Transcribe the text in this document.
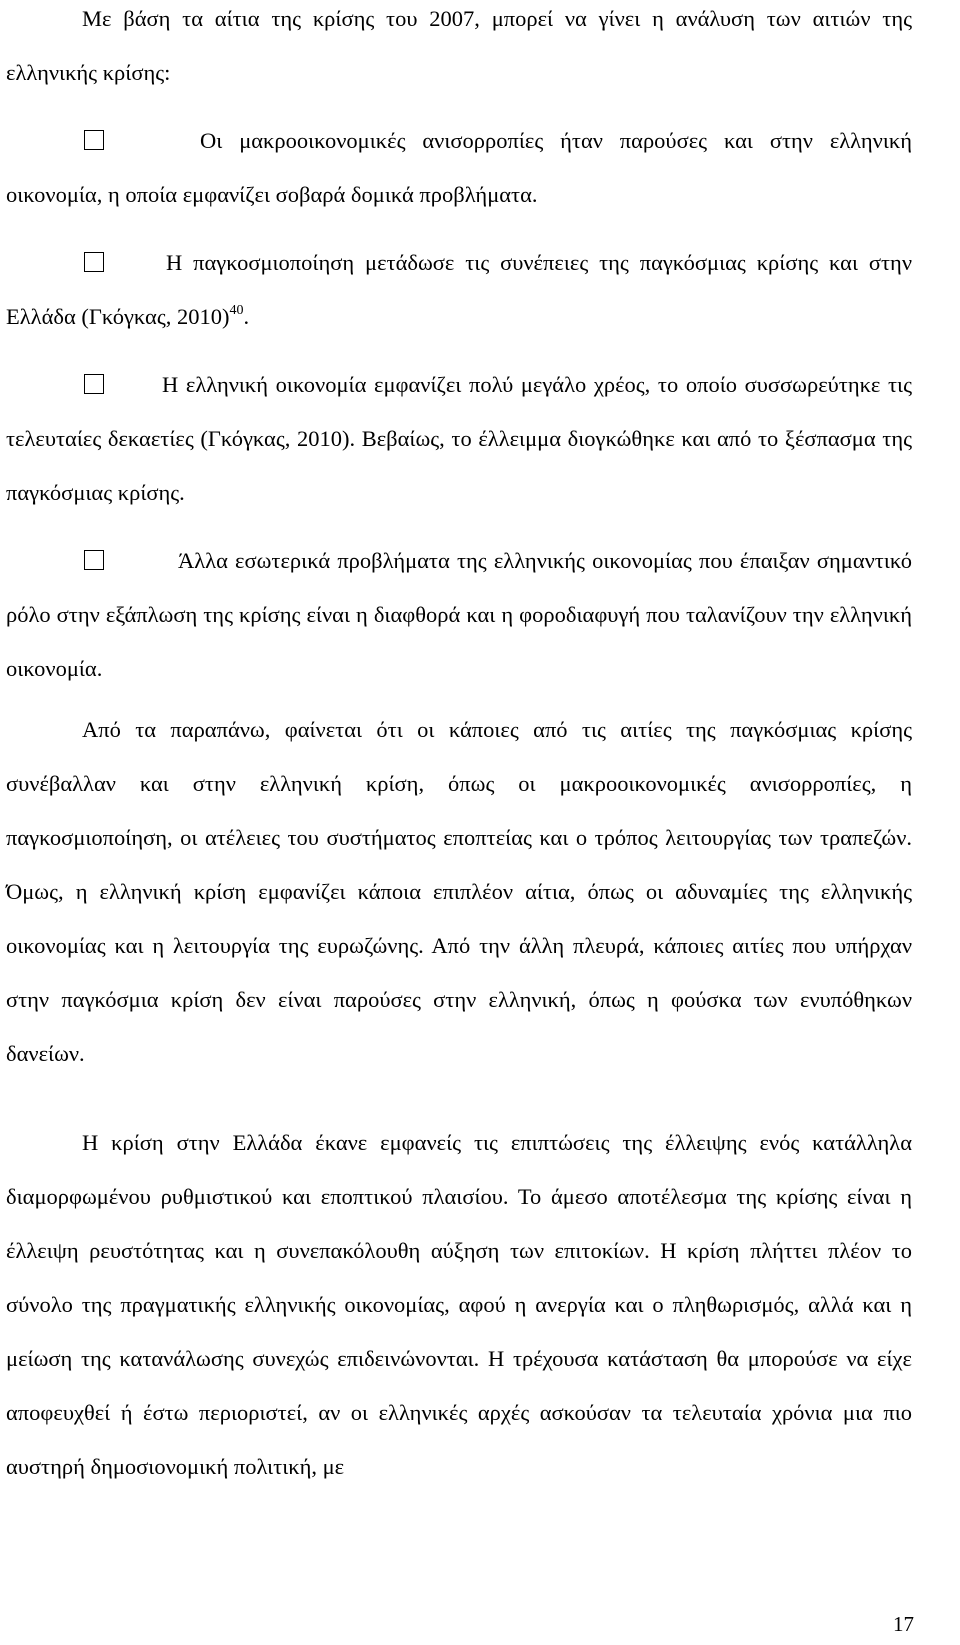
Με βάση τα αίτια της κρίσης του 2007, μπορεί να γίνει η ανάλυση των αιτιών της ελληνικής κρίσης:

Οι μακροοικονομικές ανισορροπίες ήταν παρούσες και στην ελληνική οικονομία, η οποία εμφανίζει σοβαρά δομικά προβλήματα.

Η παγκοσμιοποίηση μετάδωσε τις συνέπειες της παγκόσμιας κρίσης και στην Ελλάδα (Γκόγκας, 2010)$^{40}$.

Η ελληνική οικονομία εμφανίζει πολύ μεγάλο χρέος, το οποίο συσσωρεύτηκε τις τελευταίες δεκαετίες (Γκόγκας, 2010). Βεβαίως, το έλλειμμα διογκώθηκε και από το ξέσπασμα της παγκόσμιας κρίσης.

Άλλα εσωτερικά προβλήματα της ελληνικής οικονομίας που έπαιξαν σημαντικό ρόλο στην εξάπλωση της κρίσης είναι η διαφθορά και η φοροδιαφυγή που ταλανίζουν την ελληνική οικονομία.

Από τα παραπάνω, φαίνεται ότι οι κάποιες από τις αιτίες της παγκόσμιας κρίσης συνέβαλλαν και στην ελληνική κρίση, όπως οι μακροοικονομικές ανισορροπίες, η παγκοσμιοποίηση, οι ατέλειες του συστήματος εποπτείας και ο τρόπος λειτουργίας των τραπεζών. Όμως, η ελληνική κρίση εμφανίζει κάποια επιπλέον αίτια, όπως οι αδυναμίες της ελληνικής οικονομίας και η λειτουργία της ευρωζώνης. Από την άλλη πλευρά, κάποιες αιτίες που υπήρχαν στην παγκόσμια κρίση δεν είναι παρούσες στην ελληνική, όπως η φούσκα των ενυπόθηκων δανείων.

Η κρίση στην Ελλάδα έκανε εμφανείς τις επιπτώσεις της έλλειψης ενός κατάλληλα διαμορφωμένου ρυθμιστικού και εποπτικού πλαισίου. Το άμεσο αποτέλεσμα της κρίσης είναι η έλλειψη ρευστότητας και η συνεπακόλουθη αύξηση των επιτοκίων. Η κρίση πλήττει πλέον το σύνολο της πραγματικής ελληνικής οικονομίας, αφού η ανεργία και ο πληθωρισμός, αλλά και η μείωση της κατανάλωσης συνεχώς επιδεινώνονται. Η τρέχουσα κατάσταση θα μπορούσε να είχε αποφευχθεί ή έστω περιοριστεί, αν οι ελληνικές αρχές ασκούσαν τα τελευταία χρόνια μια πιο αυστηρή δημοσιονομική πολιτική, με

17
